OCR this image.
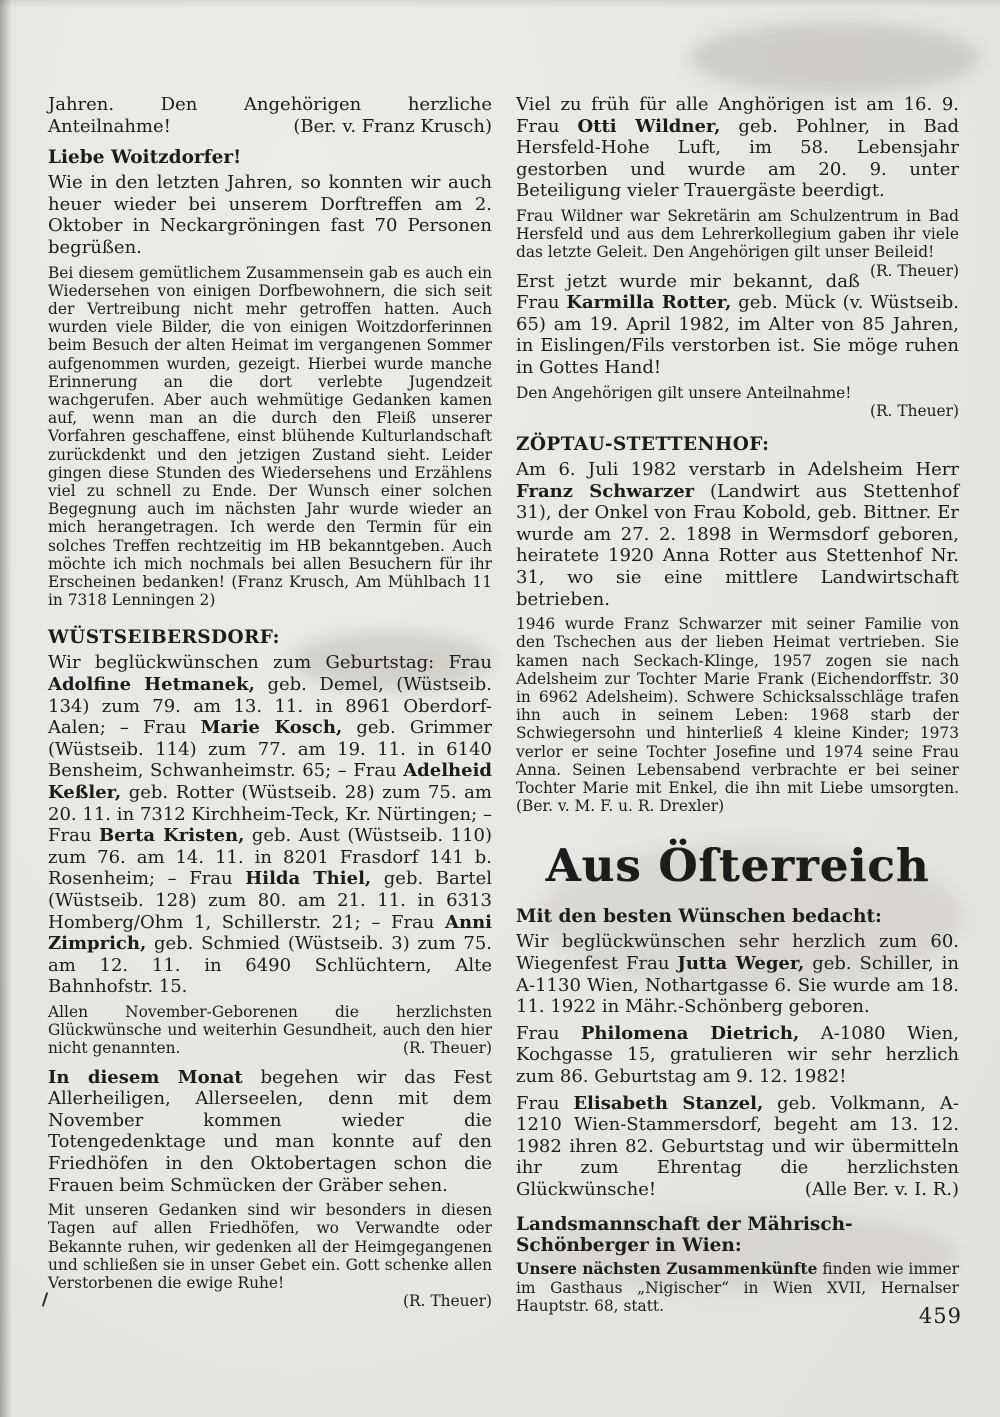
Jahren. Den Angehörigen herzliche Anteilnahme!	(Ber. v. Franz Krusch)

Liebe Woitzdorfer!

Wie in den letzten Jahren, so konnten wir auch heuer wieder bei unserem Dorftreffen am 2. Oktober in Neckargröningen fast 70 Personen begrüßen.

Bei diesem gemütlichem Zusammensein gab es auch ein Wiedersehen von einigen Dorfbewohnern, die sich seit der Vertreibung nicht mehr getroffen hatten. Auch wurden viele Bilder, die von einigen Woitzdorferinnen beim Besuch der alten Heimat im vergangenen Sommer aufgenommen wurden, gezeigt. Hierbei wurde manche Erinnerung an die dort verlebte Jugendzeit wachgerufen. Aber auch wehmütige Gedanken kamen auf, wenn man an die durch den Fleiß unserer Vorfahren geschaffene, einst blühende Kulturlandschaft zurückdenkt und den jetzigen Zustand sieht. Leider gingen diese Stunden des Wiedersehens und Erzählens viel zu schnell zu Ende. Der Wunsch einer solchen Begegnung auch im nächsten Jahr wurde wieder an mich herangetragen. Ich werde den Termin für ein solches Treffen rechtzeitig im HB bekanntgeben. Auch möchte ich mich nochmals bei allen Besuchern für ihr Erscheinen bedanken! (Franz Krusch, Am Mühlbach 11 in 7318 Lenningen 2)

WÜSTSEIBERSDORF:

Wir beglückwünschen zum Geburtstag: Frau Adolfine Hetmanek, geb. Demel, (Wüstseib. 134) zum 79. am 13. 11. in 8961 Oberdorf-Aalen; – Frau Marie Kosch, geb. Grimmer (Wüstseib. 114) zum 77. am 19. 11. in 6140 Bensheim, Schwanheimstr. 65; – Frau Adelheid Keßler, geb. Rotter (Wüstseib. 28) zum 75. am 20. 11. in 7312 Kirchheim-Teck, Kr. Nürtingen; – Frau Berta Kristen, geb. Aust (Wüstseib. 110) zum 76. am 14. 11. in 8201 Frasdorf 141 b. Rosenheim; – Frau Hilda Thiel, geb. Bartel (Wüstseib. 128) zum 80. am 21. 11. in 6313 Homberg/Ohm 1, Schillerstr. 21; – Frau Anni Zimprich, geb. Schmied (Wüstseib. 3) zum 75. am 12. 11. in 6490 Schlüchtern, Alte Bahnhofstr. 15.

Allen November-Geborenen die herzlichsten Glückwünsche und weiterhin Gesundheit, auch den hier nicht genannten.	(R. Theuer)

In diesem Monat begehen wir das Fest Allerheiligen, Allerseelen, denn mit dem November kommen wieder die Totengedenktage und man konnte auf den Friedhöfen in den Oktobertagen schon die Frauen beim Schmücken der Gräber sehen.

Mit unseren Gedanken sind wir besonders in diesen Tagen auf allen Friedhöfen, wo Verwandte oder Bekannte ruhen, wir gedenken all der Heimgegangenen und schließen sie in unser Gebet ein. Gott schenke allen Verstorbenen die ewige Ruhe!
(R. Theuer)

Viel zu früh für alle Anghörigen ist am 16. 9. Frau Otti Wildner, geb. Pohlner, in Bad Hersfeld-Hohe Luft, im 58. Lebensjahr gestorben und wurde am 20. 9. unter Beteiligung vieler Trauergäste beerdigt.

Frau Wildner war Sekretärin am Schulzentrum in Bad Hersfeld und aus dem Lehrerkollegium gaben ihr viele das letzte Geleit. Den Angehörigen gilt unser Beileid!
(R. Theuer)

Erst jetzt wurde mir bekannt, daß Frau Karmilla Rotter, geb. Mück (v. Wüstseib. 65) am 19. April 1982, im Alter von 85 Jahren, in Eislingen/Fils verstorben ist. Sie möge ruhen in Gottes Hand!

Den Angehörigen gilt unsere Anteilnahme!
(R. Theuer)

ZÖPTAU-STETTENHOF:

Am 6. Juli 1982 verstarb in Adelsheim Herr Franz Schwarzer (Landwirt aus Stettenhof 31), der Onkel von Frau Kobold, geb. Bittner. Er wurde am 27. 2. 1898 in Wermsdorf geboren, heiratete 1920 Anna Rotter aus Stettenhof Nr. 31, wo sie eine mittlere Landwirtschaft betrieben.

1946 wurde Franz Schwarzer mit seiner Familie von den Tschechen aus der lieben Heimat vertrieben. Sie kamen nach Seckach-Klinge, 1957 zogen sie nach Adelsheim zur Tochter Marie Frank (Eichendorffstr. 30 in 6962 Adelsheim). Schwere Schicksalsschläge trafen ihn auch in seinem Leben: 1968 starb der Schwiegersohn und hinterließ 4 kleine Kinder; 1973 verlor er seine Tochter Josefine und 1974 seine Frau Anna. Seinen Lebensabend verbrachte er bei seiner Tochter Marie mit Enkel, die ihn mit Liebe umsorgten. (Ber. v. M. F. u. R. Drexler)

Aus Öſterreich
Mit den besten Wünschen bedacht:

Wir beglückwünschen sehr herzlich zum 60. Wiegenfest Frau Jutta Weger, geb. Schiller, in A-1130 Wien, Nothartgasse 6. Sie wurde am 18. 11. 1922 in Mähr.-Schönberg geboren.

Frau Philomena Dietrich, A-1080 Wien, Kochgasse 15, gratulieren wir sehr herzlich zum 86. Geburtstag am 9. 12. 1982!

Frau Elisabeth Stanzel, geb. Volkmann, A-1210 Wien-Stammersdorf, begeht am 13. 12. 1982 ihren 82. Geburtstag und wir übermitteln ihr zum Ehrentag die herzlichsten Glückwünsche!	(Alle Ber. v. I. R.)

Landsmannschaft der Mährisch-Schönberger in Wien:

Unsere nächsten Zusammenkünfte finden wie immer im Gasthaus „Nigischer“ in Wien XVII, Hernalser Hauptstr. 68, statt.	459
